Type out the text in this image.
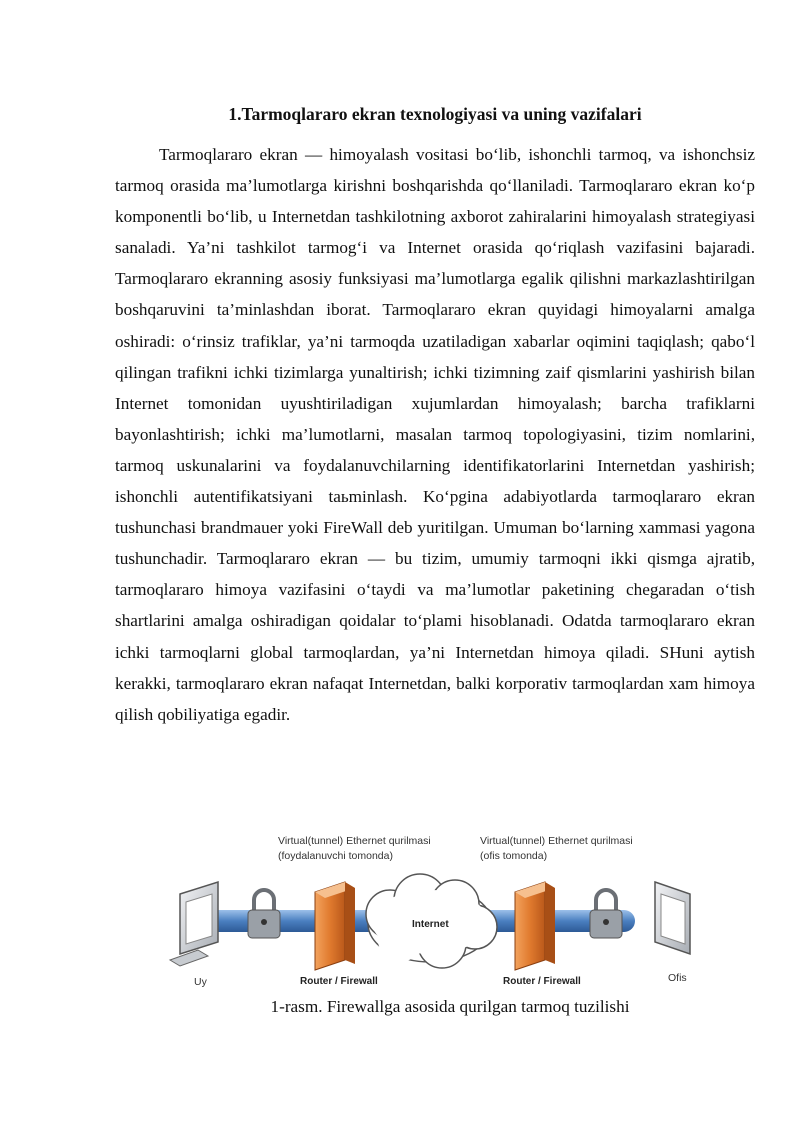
1.Tarmoqlararo ekran texnologiyasi va uning vazifalari

Tarmoqlararo ekran — himoyalash vositasi bo‘lib, ishonchli tarmoq, va ishonchsiz tarmoq orasida ma’lumotlarga kirishni boshqarishda qo‘llaniladi. Tarmoqlararo ekran ko‘p komponentli bo‘lib, u Internetdan tashkilotning axborot zahiralarini himoyalash strategiyasi sanaladi. Ya’ni tashkilot tarmog‘i va Internet orasida qo‘riqlash vazifasini bajaradi. Tarmoqlararo ekranning asosiy funksiyasi ma’lumotlarga egalik qilishni markazlashtirilgan boshqaruvini ta’minlashdan iborat. Tarmoqlararo ekran quyidagi himoyalarni amalga oshiradi: o‘rinsiz trafiklar, ya’ni tarmoqda uzatiladigan xabarlar oqimini taqiqlash; qabo‘l qilingan trafikni ichki tizimlarga yunaltirish; ichki tizimning zaif qismlarini yashirish bilan Internet tomonidan uyushtiriladigan xujumlardan himoyalash; barcha trafiklarni bayonlashtirish; ichki ma’lumotlarni, masalan tarmoq topologiyasini, tizim nomlarini, tarmoq uskunalarini va foydalanuvchilarning identifikatorlarini Internetdan yashirish; ishonchli autentifikatsiyani taьminlash. Ko‘pgina adabiyotlarda tarmoqlararo ekran tushunchasi brandmauer yoki FireWall deb yuritilgan. Umuman bo‘larning xammasi yagona tushunchadir. Tarmoqlararo ekran — bu tizim, umumiy tarmoqni ikki qismga ajratib, tarmoqlararo himoya vazifasini o‘taydi va ma’lumotlar paketining chegaradan o‘tish shartlarini amalga oshiradigan qoidalar to‘plami hisoblanadi. Odatda tarmoqlararo ekran ichki tarmoqlarni global tarmoqlardan, ya’ni Internetdan himoya qiladi. SHuni aytish kerakki, tarmoqlararo ekran nafaqat Internetdan, balki korporativ tarmoqlardan xam himoya qilish qobiliyatiga egadir.

Virtual(tunnel) Ethernet qurilmasi
(foydalanuvchi tomonda)
Virtual(tunnel) Ethernet qurilmasi
(ofis tomonda)
Internet
Router / Firewall	Router / Firewall
Uy	Ofis
1-rasm. Firewallga asosida qurilgan tarmoq tuzilishi
